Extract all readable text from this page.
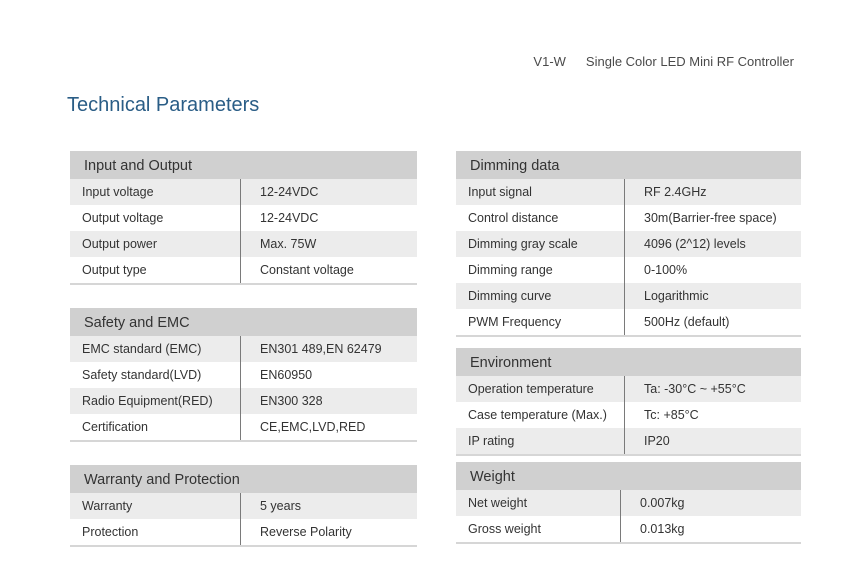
V1-W Single Color LED Mini RF Controller
Technical Parameters
Input and Output
Input voltage	12-24VDC
Output voltage	12-24VDC
Output power	Max. 75W
Output type	Constant voltage
Safety and EMC
EMC standard (EMC)	EN301 489,EN 62479
Safety standard(LVD)	EN60950
Radio Equipment(RED)	EN300 328
Certification	CE,EMC,LVD,RED
Warranty and Protection
Warranty	5 years
Protection	Reverse Polarity
Dimming data
Input signal	RF 2.4GHz
Control distance	30m(Barrier-free space)
Dimming gray scale	4096 (2^12) levels
Dimming range	0-100%
Dimming curve	Logarithmic
PWM Frequency	500Hz (default)
Environment
Operation temperature	Ta: -30°C ~ +55°C
Case temperature (Max.)	Tc: +85°C
IP rating	IP20
Weight
Net weight	0.007kg
Gross weight	0.013kg
